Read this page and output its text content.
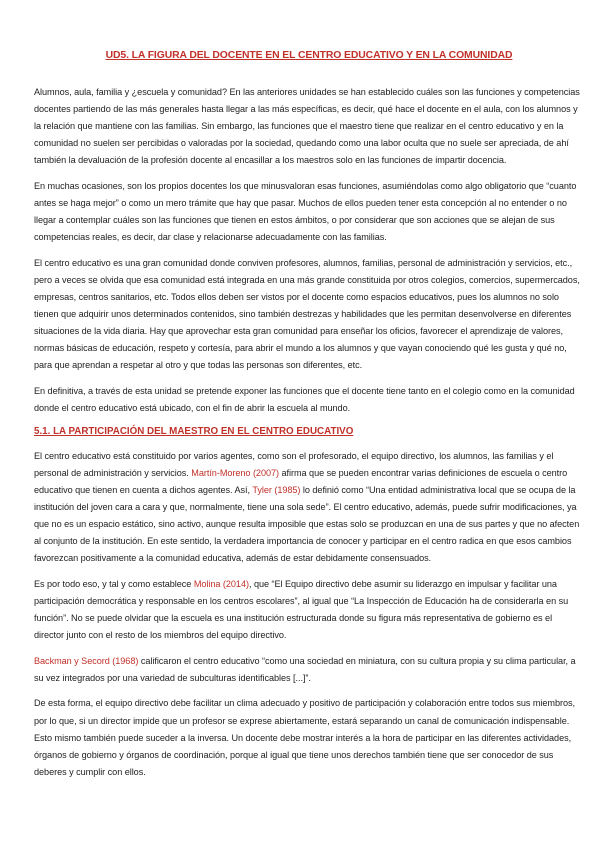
UD5. LA FIGURA DEL DOCENTE EN EL CENTRO EDUCATIVO Y EN LA COMUNIDAD

Alumnos, aula, familia y ¿escuela y comunidad? En las anteriores unidades se han establecido cuáles son las funciones y competencias docentes partiendo de las más generales hasta llegar a las más específicas, es decir, qué hace el docente en el aula, con los alumnos y la relación que mantiene con las familias. Sin embargo, las funciones que el maestro tiene que realizar en el centro educativo y en la comunidad no suelen ser percibidas o valoradas por la sociedad, quedando como una labor oculta que no suele ser apreciada, de ahí también la devaluación de la profesión docente al encasillar a los maestros solo en las funciones de impartir docencia.

En muchas ocasiones, son los propios docentes los que minusvaloran esas funciones, asumiéndolas como algo obligatorio que “cuanto antes se haga mejor” o como un mero trámite que hay que pasar. Muchos de ellos pueden tener esta concepción al no entender o no llegar a contemplar cuáles son las funciones que tienen en estos ámbitos, o por considerar que son acciones que se alejan de sus competencias reales, es decir, dar clase y relacionarse adecuadamente con las familias.

El centro educativo es una gran comunidad donde conviven profesores, alumnos, familias, personal de administración y servicios, etc., pero a veces se olvida que esa comunidad está integrada en una más grande constituida por otros colegios, comercios, supermercados, empresas, centros sanitarios, etc. Todos ellos deben ser vistos por el docente como espacios educativos, pues los alumnos no solo tienen que adquirir unos determinados contenidos, sino también destrezas y habilidades que les permitan desenvolverse en diferentes situaciones de la vida diaria. Hay que aprovechar esta gran comunidad para enseñar los oficios, favorecer el aprendizaje de valores, normas básicas de educación, respeto y cortesía, para abrir el mundo a los alumnos y que vayan conociendo qué les gusta y qué no, para que aprendan a respetar al otro y que todas las personas son diferentes, etc.

En definitiva, a través de esta unidad se pretende exponer las funciones que el docente tiene tanto en el colegio como en la comunidad donde el centro educativo está ubicado, con el fin de abrir la escuela al mundo.

5.1. LA PARTICIPACIÓN DEL MAESTRO EN EL CENTRO EDUCATIVO

El centro educativo está constituido por varios agentes, como son el profesorado, el equipo directivo, los alumnos, las familias y el personal de administración y servicios. Martín-Moreno (2007) afirma que se pueden encontrar varias definiciones de escuela o centro educativo que tienen en cuenta a dichos agentes. Así, Tyler (1985) lo definió como “Una entidad administrativa local que se ocupa de la institución del joven cara a cara y que, normalmente, tiene una sola sede”. El centro educativo, además, puede sufrir modificaciones, ya que no es un espacio estático, sino activo, aunque resulta imposible que estas solo se produzcan en una de sus partes y que no afecten al conjunto de la institución. En este sentido, la verdadera importancia de conocer y participar en el centro radica en que esos cambios favorezcan positivamente a la comunidad educativa, además de estar debidamente consensuados.

Es por todo eso, y tal y como establece Molina (2014), que “El Equipo directivo debe asumir su liderazgo en impulsar y facilitar una participación democrática y responsable en los centros escolares”, al igual que “La Inspección de Educación ha de considerarla en su función”. No se puede olvidar que la escuela es una institución estructurada donde su figura más representativa de gobierno es el director junto con el resto de los miembros del equipo directivo.

Backman y Secord (1968) calificaron el centro educativo “como una sociedad en miniatura, con su cultura propia y su clima particular, a su vez integrados por una variedad de subculturas identificables [...]”.

De esta forma, el equipo directivo debe facilitar un clima adecuado y positivo de participación y colaboración entre todos sus miembros, por lo que, si un director impide que un profesor se exprese abiertamente, estará separando un canal de comunicación indispensable. Esto mismo también puede suceder a la inversa. Un docente debe mostrar interés a la hora de participar en las diferentes actividades, órganos de gobierno y órganos de coordinación, porque al igual que tiene unos derechos también tiene que ser conocedor de sus deberes y cumplir con ellos.
